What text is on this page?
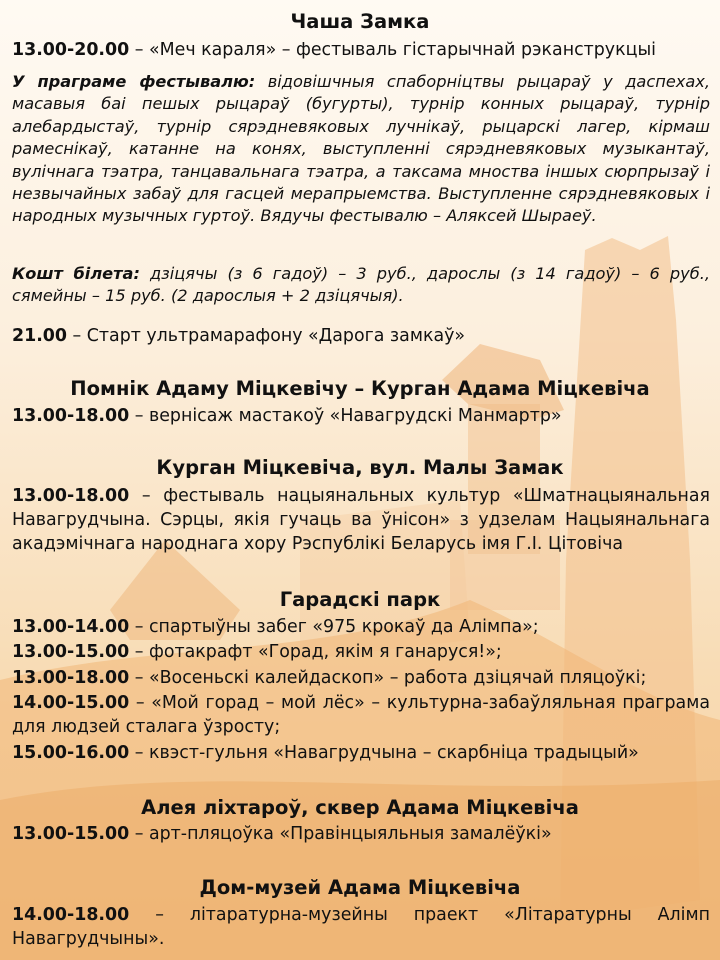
Чаша Замка

13.00-20.00 – «Меч караля» – фестываль гістарычнай рэканструкцыі

У праграме фестывалю: відовішчныя спаборніцтвы рыцараў у даспехах, масавыя бai пешых рыцараў (бугурты), турнір конных рыцараў, турнір алебардыстаў, турнір сярэдневяковых лучнікаў, рыцарскі лагер, кірмаш рамеснікаў, катанне на конях, выступленні сярэдневяковых музыкантаў, вулічнага тэатра, танцавальнага тэатра, а таксама мноства іншых сюрпрызаў і незвычайных забаў для гасцей мерапрыемства. Выступленне сярэдневяковых і народных музычных гуртоў. Вядучы фестывалю – Аляксей Шыраеў.

Кошт білета: дзіцячы (з 6 гадоў) – 3 руб., дарослы (з 14 гадоў) – 6 руб., сямейны – 15 руб. (2 дарослыя + 2 дзіцячыя).

21.00 – Старт ультрамарафону «Дарога замкаў»

Помнік Адаму Міцкевічу – Курган Адама Міцкевіча

13.00-18.00 – вернісаж мастакоў «Навагрудскі Манмартр»

Курган Міцкевіча, вул. Малы Замак

13.00-18.00 – фестываль нацыянальных культур «Шматнацыянальная Навагрудчына. Сэрцы, якія гучаць ва ўнісон» з удзелам Нацыянальнага акадэмічнага народнага хору Рэспублікі Беларусь імя Г.І. Цітовіча

Гарадскі парк

13.00-14.00 – спартыўны забег «975 крокаў да Алімпа»;

13.00-15.00 – фотакрафт «Горад, якім я ганаруся!»;

13.00-18.00 – «Восеньскі калейдаскоп» – работа дзіцячай пляцоўкі;

14.00-15.00 – «Мой горад – мой лёс» – культурна-забаўляльная праграма для людзей сталага ўзросту;

15.00-16.00 – квэст-гульня «Навагрудчына – скарбніца традыцый»

Алея ліхтароў, сквер Адама Міцкевіча

13.00-15.00 – арт-пляцоўка «Правінцыяльныя замалёўкі»

Дом-музей Адама Міцкевіча

14.00-18.00 – літаратурна-музейны праект «Літаратурны Алімп Навагрудчыны».
